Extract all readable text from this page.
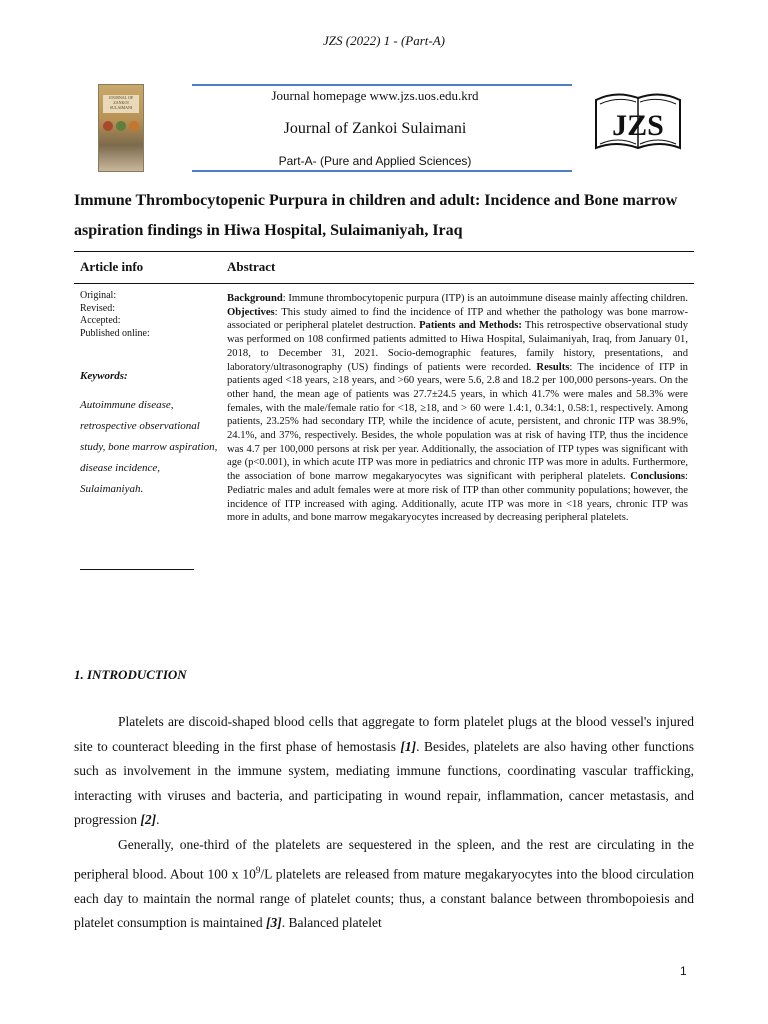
JZS (2022) 1 - (Part-A)
JOURNAL OF ZANKOI SULAIMANI
Journal homepage www.jzs.uos.edu.krd
Journal of Zankoi Sulaimani
Part-A- (Pure and Applied Sciences)
JZS
Immune Thrombocytopenic Purpura in children and adult: Incidence and Bone marrow aspiration findings in Hiwa Hospital, Sulaimaniyah, Iraq
Article info	Abstract
Original:
Revised:
Accepted:
Published online:
Keywords:
Autoimmune disease, retrospective observational study, bone marrow aspiration, disease incidence, Sulaimaniyah.
Background: Immune thrombocytopenic purpura (ITP) is an autoimmune disease mainly affecting children. Objectives: This study aimed to find the incidence of ITP and whether the pathology was bone marrow-associated or peripheral platelet destruction. Patients and Methods: This retrospective observational study was performed on 108 confirmed patients admitted to Hiwa Hospital, Sulaimaniyah, Iraq, from January 01, 2018, to December 31, 2021. Socio-demographic features, family history, presentations, and laboratory/ultrasonography (US) findings of patients were recorded. Results: The incidence of ITP in patients aged <18 years, ≥18 years, and >60 years, were 5.6, 2.8 and 18.2 per 100,000 persons-years. On the other hand, the mean age of patients was 27.7±24.5 years, in which 41.7% were males and 58.3% were females, with the male/female ratio for <18, ≥18, and > 60 were 1.4:1, 0.34:1, 0.58:1, respectively. Among patients, 23.25% had secondary ITP, while the incidence of acute, persistent, and chronic ITP was 38.9%, 24.1%, and 37%, respectively. Besides, the whole population was at risk of having ITP, thus the incidence was 4.7 per 100,000 persons at risk per year. Additionally, the association of ITP types was significant with age (p<0.001), in which acute ITP was more in pediatrics and chronic ITP was more in adults. Furthermore, the association of bone marrow megakaryocytes was significant with peripheral platelets. Conclusions: Pediatric males and adult females were at more risk of ITP than other community populations; however, the incidence of ITP increased with aging. Additionally, acute ITP was more in <18 years, chronic ITP was more in adults, and bone marrow megakaryocytes increased by decreasing peripheral platelets.
1. INTRODUCTION

Platelets are discoid-shaped blood cells that aggregate to form platelet plugs at the blood vessel's injured site to counteract bleeding in the first phase of hemostasis [1]. Besides, platelets are also having other functions such as involvement in the immune system, mediating immune functions, coordinating vascular trafficking, interacting with viruses and bacteria, and participating in wound repair, inflammation, cancer metastasis, and progression [2].

Generally, one-third of the platelets are sequestered in the spleen, and the rest are circulating in the peripheral blood. About 100 x $10^9/L$ platelets are released from mature megakaryocytes into the blood circulation each day to maintain the normal range of platelet counts; thus, a constant balance between thrombopoiesis and platelet consumption is maintained [3]. Balanced platelet

1
